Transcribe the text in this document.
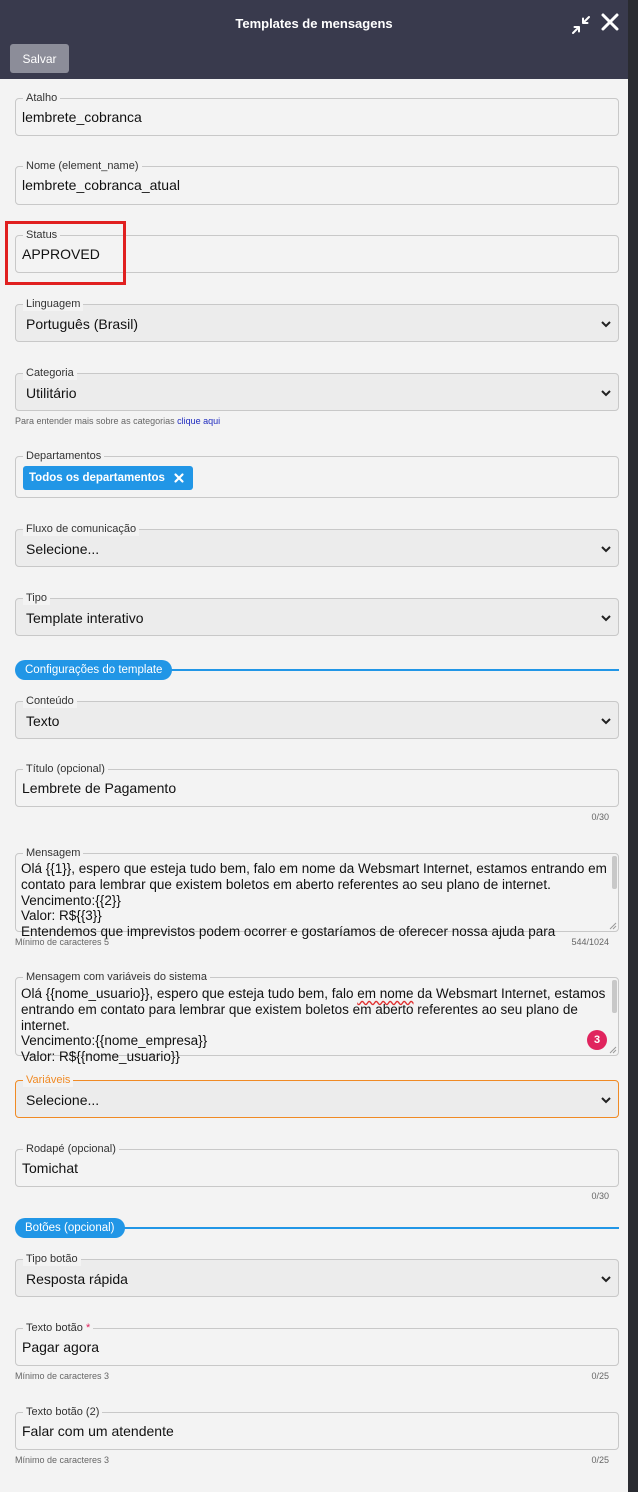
Templates de mensagens
Salvar
Atalho
lembrete_cobranca
Nome (element_name)
lembrete_cobranca_atual
Status
APPROVED
Linguagem
Português (Brasil)
Categoria
Utilitário
Para entender mais sobre as categorias clique aqui
Departamentos
Todos os departamentos
Fluxo de comunicação
Selecione...
Tipo
Template interativo
Configurações do template
Conteúdo
Texto
Título (opcional)
Lembrete de Pagamento
0/30
Mensagem
Olá {{1}}, espero que esteja tudo bem, falo em nome da Websmart Internet, estamos entrando em
contato para lembrar que existem boletos em aberto referentes ao seu plano de internet.
Vencimento:{{2}}
Valor: R${{3}}
Entendemos que imprevistos podem ocorrer e gostaríamos de oferecer nossa ajuda para
Mínimo de caracteres 5	544/1024
Mensagem com variáveis do sistema
Olá {{nome_usuario}}, espero que esteja tudo bem, falo em nome da Websmart Internet, estamos
entrando em contato para lembrar que existem boletos em aberto referentes ao seu plano de
internet.
Vencimento:{{nome_empresa}}
Valor: R${{nome_usuario}}
3
Variáveis
Selecione...
Rodapé (opcional)
Tomichat
0/30
Botões (opcional)
Tipo botão
Resposta rápida
Texto botão *
Pagar agora
Mínimo de caracteres 3	0/25
Texto botão (2)
Falar com um atendente
Mínimo de caracteres 3	0/25
